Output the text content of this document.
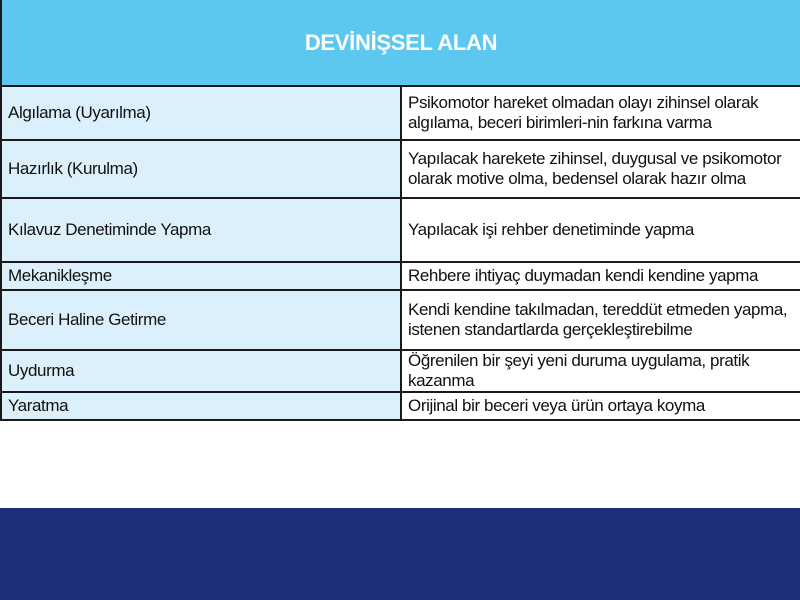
DEVİNİŞSEL ALAN	
Algılama (Uyarılma)	Psikomotor hareket olmadan olayı zihinsel olarak algılama, beceri birimleri-nin farkına varma
Hazırlık (Kurulma)	Yapılacak harekete zihinsel, duygusal ve psikomotor olarak motive olma, bedensel olarak hazır olma
Kılavuz Denetiminde Yapma	Yapılacak işi rehber denetiminde yapma
Mekanikleşme	Rehbere ihtiyaç duymadan kendi kendine yapma
Beceri Haline Getirme	Kendi kendine takılmadan, tereddüt etmeden yapma, istenen standartlarda gerçekleştirebilme
Uydurma	Öğrenilen bir şeyi yeni duruma uygulama, pratik kazanma
Yaratma	Orijinal bir beceri veya ürün ortaya koyma
